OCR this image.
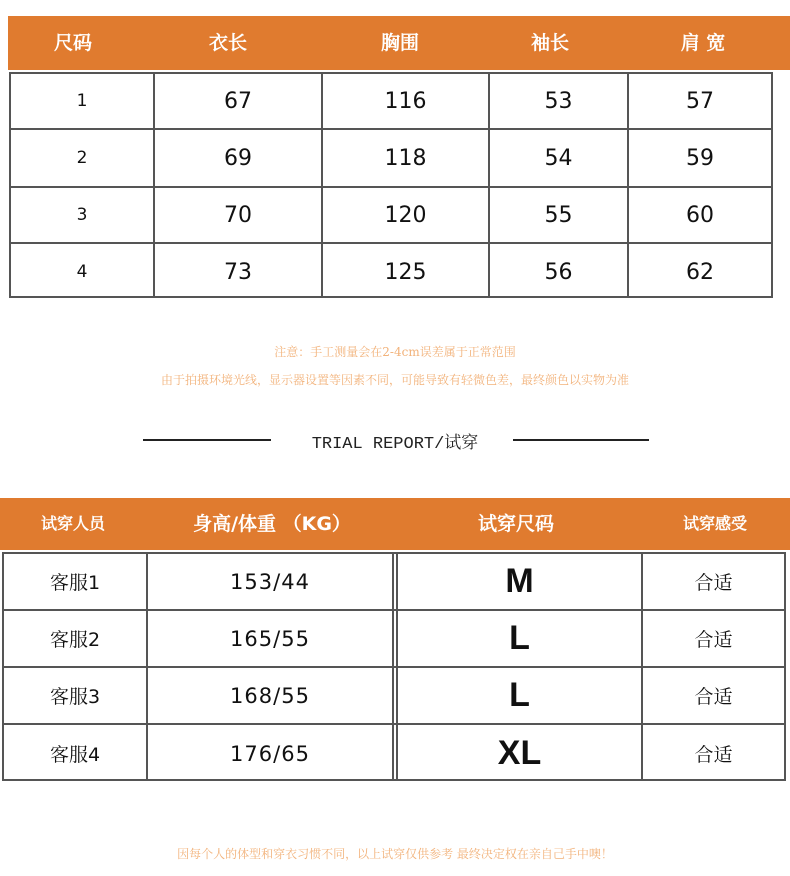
尺码	衣长	胸围	袖长	肩 宽
1	67	116	53	57
2	69	118	54	59
3	70	120	55	60
4	73	125	56	62
注意：手工测量会在2-4cm误差属于正常范围
由于拍摄环境光线，显示器设置等因素不同，可能导致有轻微色差，最终颜色以实物为准
TRIAL REPORT/试穿
试穿人员	身高/体重 （KG）	试穿尺码	试穿感受
客服1	153/44	M	合适
客服2	165/55	L	合适
客服3	168/55	L	合适
客服4	176/65	XL	合适
因每个人的体型和穿衣习惯不同，以上试穿仅供参考 最终决定权在亲自己手中噢！
